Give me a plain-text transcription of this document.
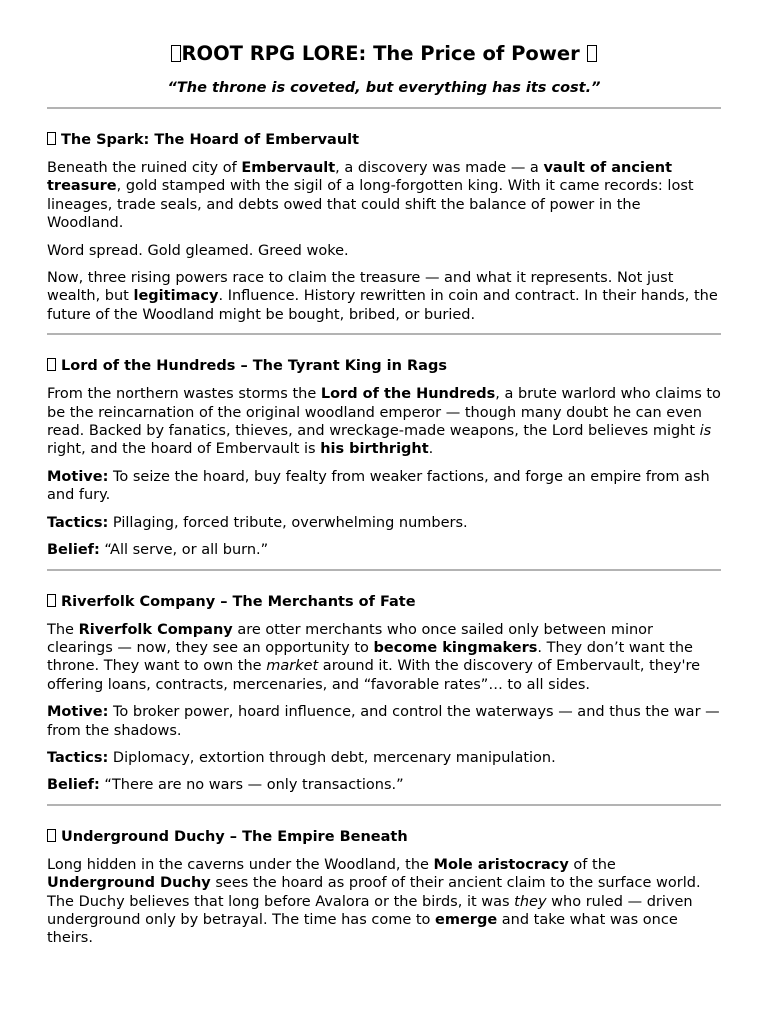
ROOT RPG LORE: The Price of Power
“The throne is coveted, but everything has its cost.”
The Spark: The Hoard of Embervault

Beneath the ruined city of Embervault, a discovery was made — a vault of ancient treasure, gold stamped with the sigil of a long-forgotten king. With it came records: lost lineages, trade seals, and debts owed that could shift the balance of power in the Woodland.

Word spread. Gold gleamed. Greed woke.

Now, three rising powers race to claim the treasure — and what it represents. Not just wealth, but legitimacy. Influence. History rewritten in coin and contract. In their hands, the future of the Woodland might be bought, bribed, or buried.

Lord of the Hundreds – The Tyrant King in Rags

From the northern wastes storms the Lord of the Hundreds, a brute warlord who claims to be the reincarnation of the original woodland emperor — though many doubt he can even read. Backed by fanatics, thieves, and wreckage-made weapons, the Lord believes might is right, and the hoard of Embervault is his birthright.

Motive: To seize the hoard, buy fealty from weaker factions, and forge an empire from ash and fury.

Tactics: Pillaging, forced tribute, overwhelming numbers.

Belief: “All serve, or all burn.”

Riverfolk Company – The Merchants of Fate

The Riverfolk Company are otter merchants who once sailed only between minor clearings — now, they see an opportunity to become kingmakers. They don’t want the throne. They want to own the market around it. With the discovery of Embervault, they're offering loans, contracts, mercenaries, and “favorable rates”… to all sides.

Motive: To broker power, hoard influence, and control the waterways — and thus the war — from the shadows.

Tactics: Diplomacy, extortion through debt, mercenary manipulation.

Belief: “There are no wars — only transactions.”

Underground Duchy – The Empire Beneath

Long hidden in the caverns under the Woodland, the Mole aristocracy of the Underground Duchy sees the hoard as proof of their ancient claim to the surface world. The Duchy believes that long before Avalora or the birds, it was they who ruled — driven underground only by betrayal. The time has come to emerge and take what was once theirs.
